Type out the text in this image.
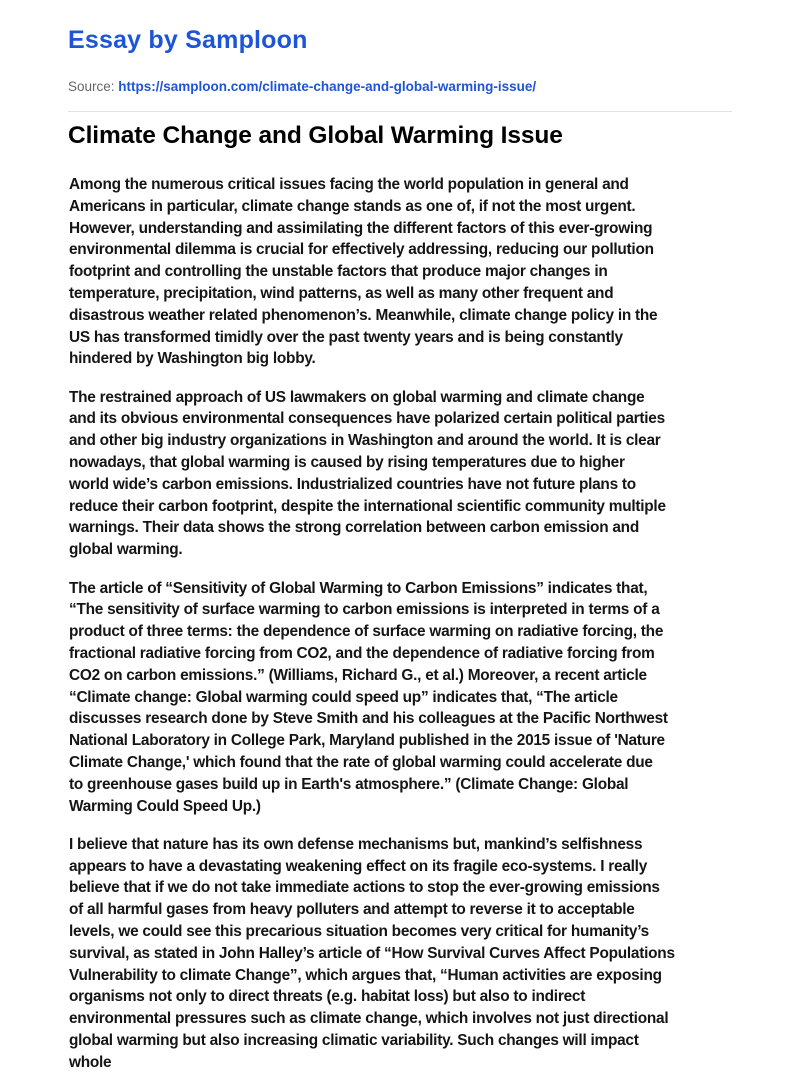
Essay by Samploon
Source: https://samploon.com/climate-change-and-global-warming-issue/
Climate Change and Global Warming Issue

Among the numerous critical issues facing the world population in general and
Americans in particular, climate change stands as one of, if not the most urgent.
However, understanding and assimilating the different factors of this ever-growing
environmental dilemma is crucial for effectively addressing, reducing our pollution
footprint and controlling the unstable factors that produce major changes in
temperature, precipitation, wind patterns, as well as many other frequent and
disastrous weather related phenomenon’s. Meanwhile, climate change policy in the
US has transformed timidly over the past twenty years and is being constantly
hindered by Washington big lobby.

The restrained approach of US lawmakers on global warming and climate change
and its obvious environmental consequences have polarized certain political parties
and other big industry organizations in Washington and around the world. It is clear
nowadays, that global warming is caused by rising temperatures due to higher
world wide’s carbon emissions. Industrialized countries have not future plans to
reduce their carbon footprint, despite the international scientific community multiple
warnings. Their data shows the strong correlation between carbon emission and
global warming.

The article of “Sensitivity of Global Warming to Carbon Emissions” indicates that,
“The sensitivity of surface warming to carbon emissions is interpreted in terms of a
product of three terms: the dependence of surface warming on radiative forcing, the
fractional radiative forcing from CO2, and the dependence of radiative forcing from
CO2 on carbon emissions.” (Williams, Richard G., et al.) Moreover, a recent article
“Climate change: Global warming could speed up” indicates that, “The article
discusses research done by Steve Smith and his colleagues at the Pacific Northwest
National Laboratory in College Park, Maryland published in the 2015 issue of 'Nature
Climate Change,' which found that the rate of global warming could accelerate due
to greenhouse gases build up in Earth's atmosphere.” (Climate Change: Global
Warming Could Speed Up.)

I believe that nature has its own defense mechanisms but, mankind’s selfishness
appears to have a devastating weakening effect on its fragile eco-systems. I really
believe that if we do not take immediate actions to stop the ever-growing emissions
of all harmful gases from heavy polluters and attempt to reverse it to acceptable
levels, we could see this precarious situation becomes very critical for humanity’s
survival, as stated in John Halley’s article of “How Survival Curves Affect Populations
Vulnerability to climate Change”, which argues that, “Human activities are exposing
organisms not only to direct threats (e.g. habitat loss) but also to indirect
environmental pressures such as climate change, which involves not just directional
global warming but also increasing climatic variability. Such changes will impact
whole
